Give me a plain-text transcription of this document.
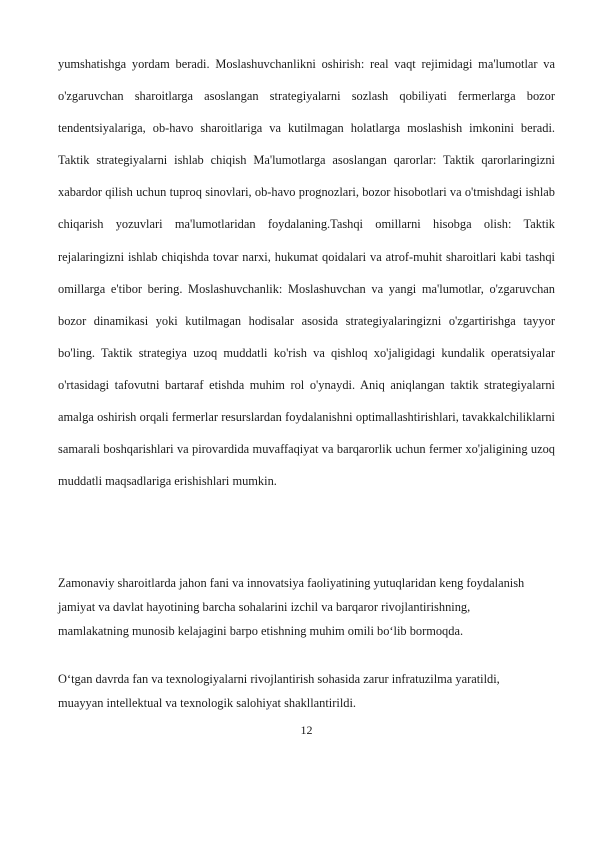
yumshatishga yordam beradi. Moslashuvchanlikni oshirish: real vaqt rejimidagi ma'lumotlar va o'zgaruvchan sharoitlarga asoslangan strategiyalarni sozlash qobiliyati fermerlarga bozor tendentsiyalariga, ob-havo sharoitlariga va kutilmagan holatlarga moslashish imkonini beradi. Taktik strategiyalarni ishlab chiqish Ma'lumotlarga asoslangan qarorlar: Taktik qarorlaringizni xabardor qilish uchun tuproq sinovlari, ob-havo prognozlari, bozor hisobotlari va o'tmishdagi ishlab chiqarish yozuvlari ma'lumotlaridan foydalaning.Tashqi omillarni hisobga olish: Taktik rejalaringizni ishlab chiqishda tovar narxi, hukumat qoidalari va atrof-muhit sharoitlari kabi tashqi omillarga e'tibor bering. Moslashuvchanlik: Moslashuvchan va yangi ma'lumotlar, o'zgaruvchan bozor dinamikasi yoki kutilmagan hodisalar asosida strategiyalaringizni o'zgartirishga tayyor bo'ling. Taktik strategiya uzoq muddatli ko'rish va qishloq xo'jaligidagi kundalik operatsiyalar o'rtasidagi tafovutni bartaraf etishda muhim rol o'ynaydi. Aniq aniqlangan taktik strategiyalarni amalga oshirish orqali fermerlar resurslardan foydalanishni optimallashtirishlari, tavakkalchiliklarni samarali boshqarishlari va pirovardida muvaffaqiyat va barqarorlik uchun fermer xo'jaligining uzoq muddatli maqsadlariga erishishlari mumkin.

Zamonaviy sharoitlarda jahon fani va innovatsiya faoliyatining yutuqlaridan keng foydalanish jamiyat va davlat hayotining barcha sohalarini izchil va barqaror rivojlantirishning, mamlakatning munosib kelajagini barpo etishning muhim omili bo‘lib bormoqda.

O‘tgan davrda fan va texnologiyalarni rivojlantirish sohasida zarur infratuzilma yaratildi, muayyan intellektual va texnologik salohiyat shakllantirildi.

12
